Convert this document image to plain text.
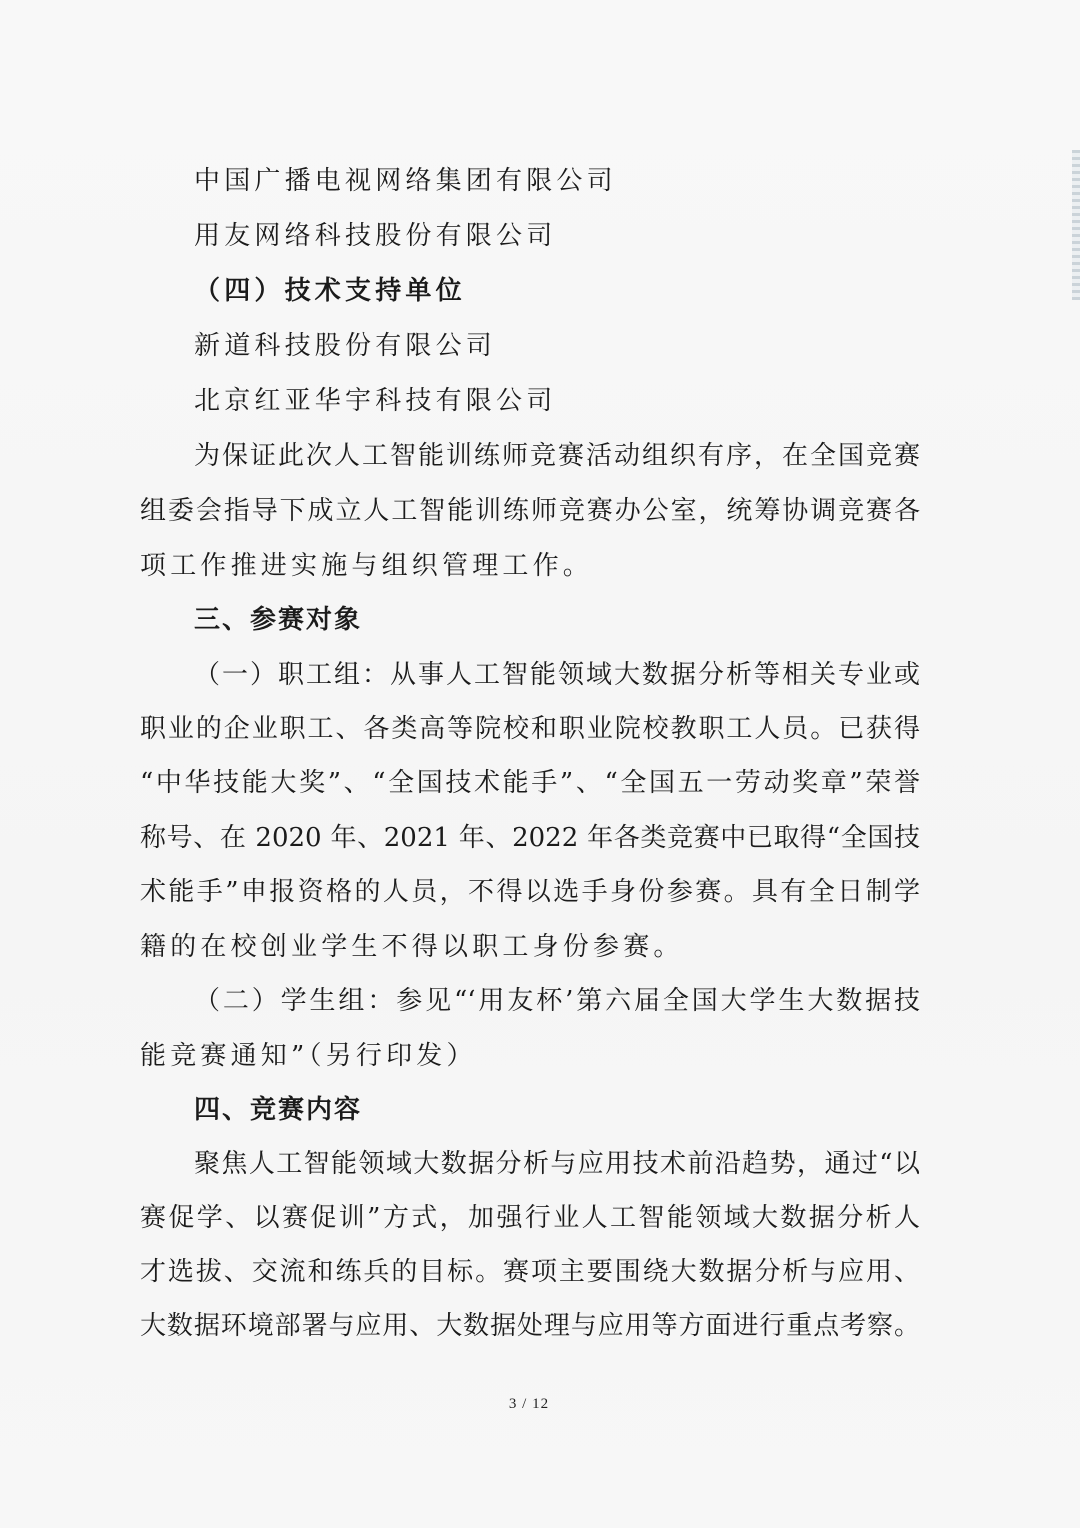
中国广播电视网络集团有限公司
用友网络科技股份有限公司
（四）技术支持单位
新道科技股份有限公司
北京红亚华宇科技有限公司
为保证此次人工智能训练师竞赛活动组织有序，在全国竞赛
组委会指导下成立人工智能训练师竞赛办公室，统筹协调竞赛各
项工作推进实施与组织管理工作。
三、参赛对象
（一）职工组：从事人工智能领域大数据分析等相关专业或
职业的企业职工、各类高等院校和职业院校教职工人员。已获得
“中华技能大奖”、“全国技术能手”、“全国五一劳动奖章”荣誉
称号、在 2020 年、2021 年、2022 年各类竞赛中已取得“全国技
术能手”申报资格的人员，不得以选手身份参赛。具有全日制学
籍的在校创业学生不得以职工身份参赛。
（二）学生组：参见“‘用友杯’第六届全国大学生大数据技
能竞赛通知”（另行印发）
四、竞赛内容
聚焦人工智能领域大数据分析与应用技术前沿趋势，通过“以
赛促学、以赛促训”方式，加强行业人工智能领域大数据分析人
才选拔、交流和练兵的目标。赛项主要围绕大数据分析与应用、
大数据环境部署与应用、大数据处理与应用等方面进行重点考察。
3 / 12
